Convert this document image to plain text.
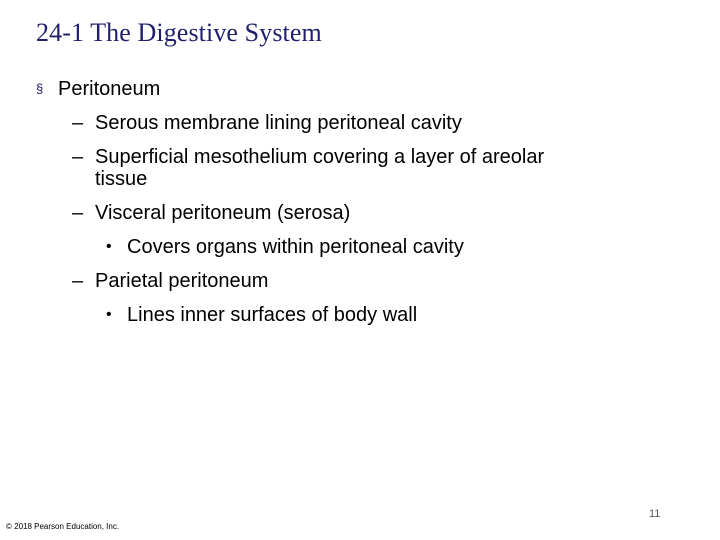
24-1 The Digestive System
§ Peritoneum
– Serous membrane lining peritoneal cavity
– Superficial mesothelium covering a layer of areolar
tissue
– Visceral peritoneum (serosa)
• Covers organs within peritoneal cavity
– Parietal peritoneum
• Lines inner surfaces of body wall
11
© 2018 Pearson Education, Inc.
